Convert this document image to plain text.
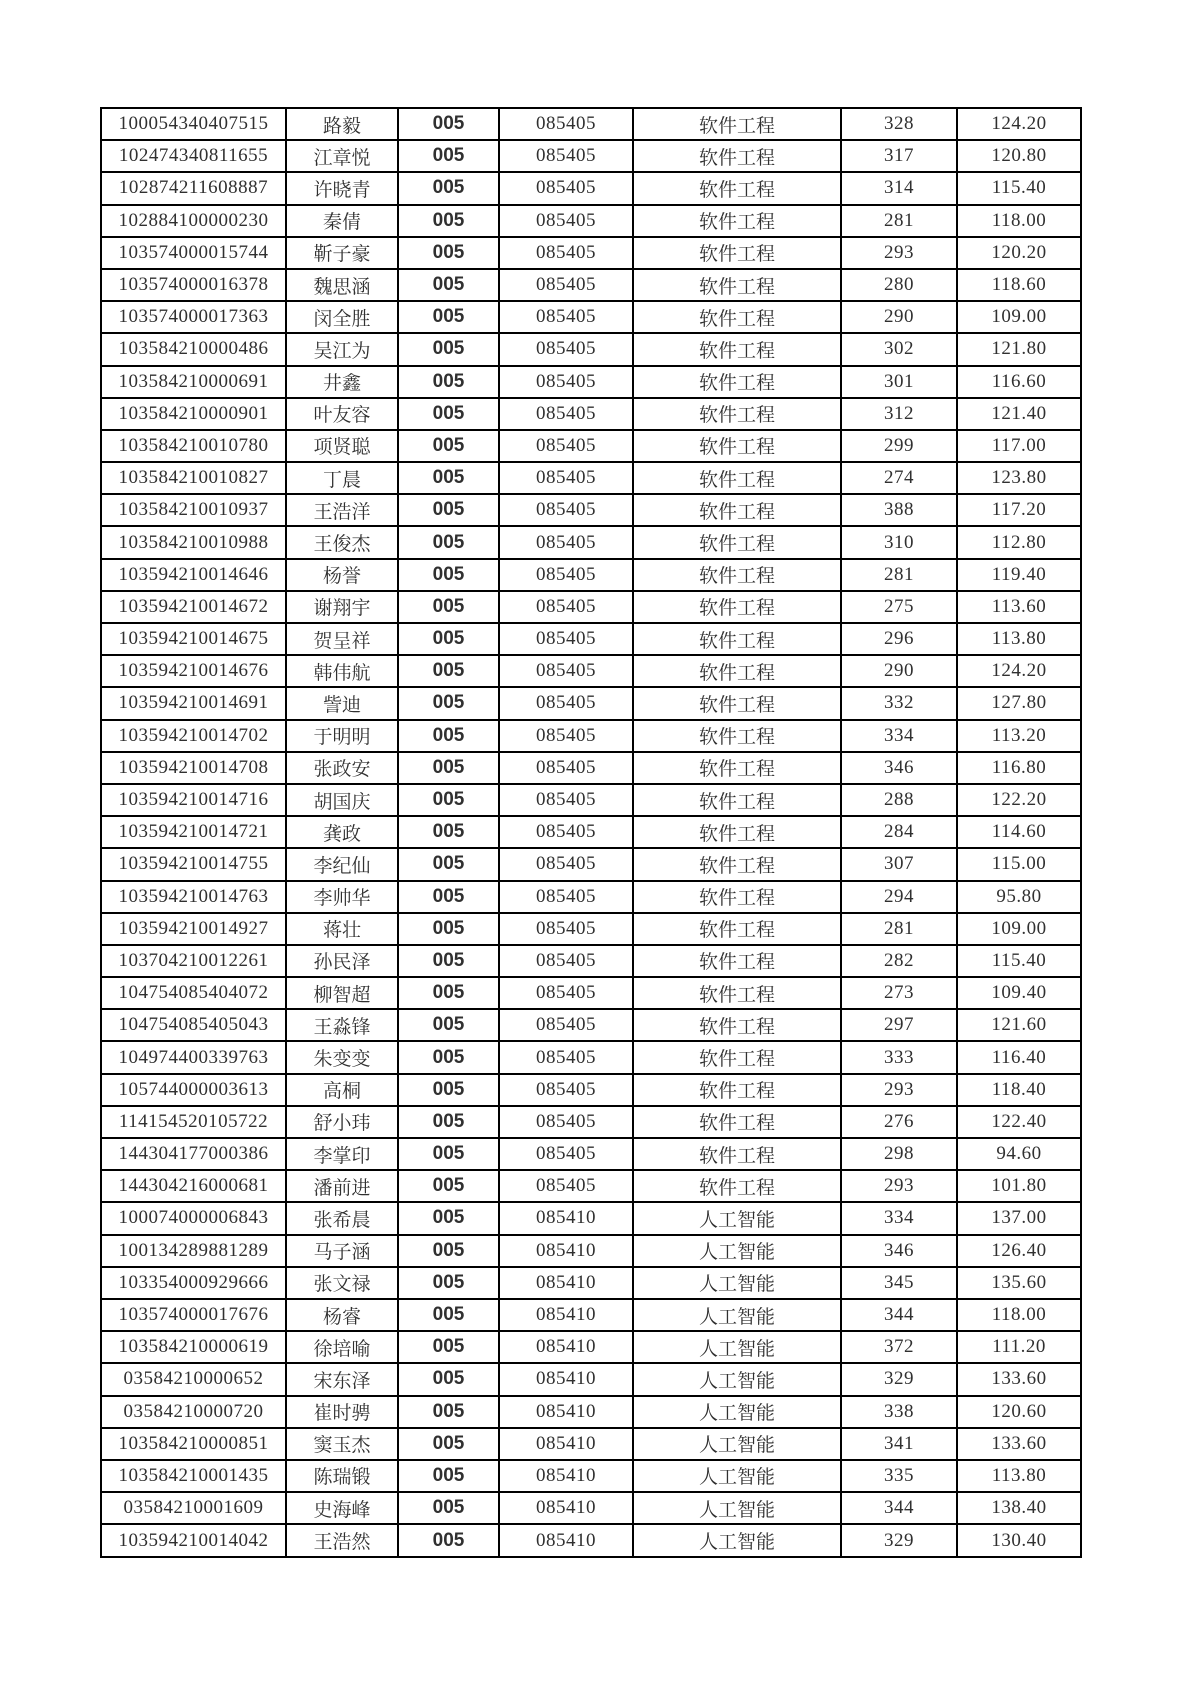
100054340407515	路毅	005	085405	软件工程	328	124.20
102474340811655	江章悦	005	085405	软件工程	317	120.80
102874211608887	许晓青	005	085405	软件工程	314	115.40
102884100000230	秦倩	005	085405	软件工程	281	118.00
103574000015744	靳子豪	005	085405	软件工程	293	120.20
103574000016378	魏思涵	005	085405	软件工程	280	118.60
103574000017363	闵全胜	005	085405	软件工程	290	109.00
103584210000486	吴江为	005	085405	软件工程	302	121.80
103584210000691	井鑫	005	085405	软件工程	301	116.60
103584210000901	叶友容	005	085405	软件工程	312	121.40
103584210010780	项贤聪	005	085405	软件工程	299	117.00
103584210010827	丁晨	005	085405	软件工程	274	123.80
103584210010937	王浩洋	005	085405	软件工程	388	117.20
103584210010988	王俊杰	005	085405	软件工程	310	112.80
103594210014646	杨誉	005	085405	软件工程	281	119.40
103594210014672	谢翔宇	005	085405	软件工程	275	113.60
103594210014675	贺呈祥	005	085405	软件工程	296	113.80
103594210014676	韩伟航	005	085405	软件工程	290	124.20
103594210014691	訾迪	005	085405	软件工程	332	127.80
103594210014702	于明明	005	085405	软件工程	334	113.20
103594210014708	张政安	005	085405	软件工程	346	116.80
103594210014716	胡国庆	005	085405	软件工程	288	122.20
103594210014721	龚政	005	085405	软件工程	284	114.60
103594210014755	李纪仙	005	085405	软件工程	307	115.00
103594210014763	李帅华	005	085405	软件工程	294	95.80
103594210014927	蒋壮	005	085405	软件工程	281	109.00
103704210012261	孙民泽	005	085405	软件工程	282	115.40
104754085404072	柳智超	005	085405	软件工程	273	109.40
104754085405043	王淼锋	005	085405	软件工程	297	121.60
104974400339763	朱变变	005	085405	软件工程	333	116.40
105744000003613	高桐	005	085405	软件工程	293	118.40
114154520105722	舒小玮	005	085405	软件工程	276	122.40
144304177000386	李掌印	005	085405	软件工程	298	94.60
144304216000681	潘前进	005	085405	软件工程	293	101.80
100074000006843	张希晨	005	085410	人工智能	334	137.00
100134289881289	马子涵	005	085410	人工智能	346	126.40
103354000929666	张文禄	005	085410	人工智能	345	135.60
103574000017676	杨睿	005	085410	人工智能	344	118.00
103584210000619	徐培喻	005	085410	人工智能	372	111.20
03584210000652	宋东泽	005	085410	人工智能	329	133.60
03584210000720	崔时骋	005	085410	人工智能	338	120.60
103584210000851	窦玉杰	005	085410	人工智能	341	133.60
103584210001435	陈瑞锻	005	085410	人工智能	335	113.80
03584210001609	史海峰	005	085410	人工智能	344	138.40
103594210014042	王浩然	005	085410	人工智能	329	130.40
